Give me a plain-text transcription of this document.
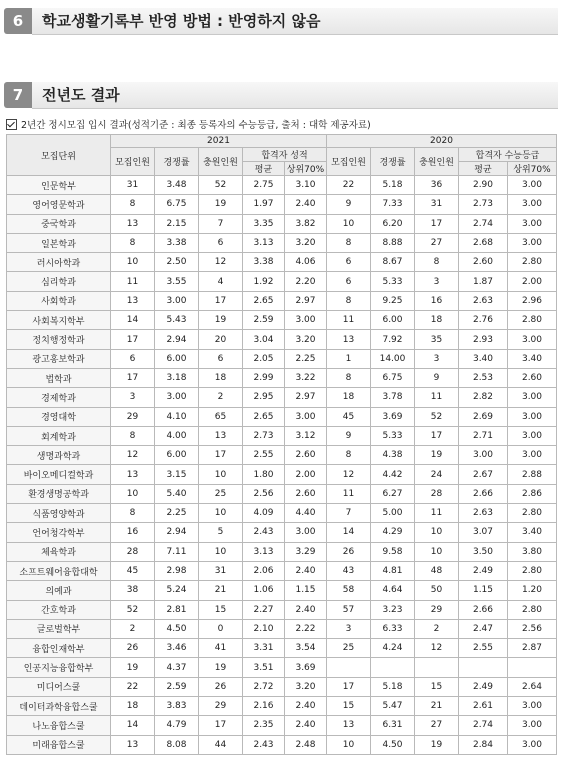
6	학교생활기록부 반영 방법 : 반영하지 않음
7	전년도 결과
2년간 정시모집 입시 결과(성적기준 : 최종 등록자의 수능등급, 출처 : 대학 제공자료)
모집단위	2021					2020				
	모집인원	경쟁률	충원인원	합격자 성적		모집인원	경쟁률	충원인원	합격자 수능등급	
				평균	상위70%				평균	상위70%
인문학부	31	3.48	52	2.75	3.10	22	5.18	36	2.90	3.00
영어영문학과	8	6.75	19	1.97	2.40	9	7.33	31	2.73	3.00
중국학과	13	2.15	7	3.35	3.82	10	6.20	17	2.74	3.00
일본학과	8	3.38	6	3.13	3.20	8	8.88	27	2.68	3.00
러시아학과	10	2.50	12	3.38	4.06	6	8.67	8	2.60	2.80
심리학과	11	3.55	4	1.92	2.20	6	5.33	3	1.87	2.00
사회학과	13	3.00	17	2.65	2.97	8	9.25	16	2.63	2.96
사회복지학부	14	5.43	19	2.59	3.00	11	6.00	18	2.76	2.80
정치행정학과	17	2.94	20	3.04	3.20	13	7.92	35	2.93	3.00
광고홍보학과	6	6.00	6	2.05	2.25	1	14.00	3	3.40	3.40
법학과	17	3.18	18	2.99	3.22	8	6.75	9	2.53	2.60
경제학과	3	3.00	2	2.95	2.97	18	3.78	11	2.82	3.00
경영대학	29	4.10	65	2.65	3.00	45	3.69	52	2.69	3.00
회계학과	8	4.00	13	2.73	3.12	9	5.33	17	2.71	3.00
생명과학과	12	6.00	17	2.55	2.60	8	4.38	19	3.00	3.00
바이오메디컬학과	13	3.15	10	1.80	2.00	12	4.42	24	2.67	2.88
환경생명공학과	10	5.40	25	2.56	2.60	11	6.27	28	2.66	2.86
식품영양학과	8	2.25	10	4.09	4.40	7	5.00	11	2.63	2.80
언어청각학부	16	2.94	5	2.43	3.00	14	4.29	10	3.07	3.40
체육학과	28	7.11	10	3.13	3.29	26	9.58	10	3.50	3.80
소프트웨어융합대학	45	2.98	31	2.06	2.40	43	4.81	48	2.49	2.80
의예과	38	5.24	21	1.06	1.15	58	4.64	50	1.15	1.20
간호학과	52	2.81	15	2.27	2.40	57	3.23	29	2.66	2.80
글로벌학부	2	4.50	0	2.10	2.22	3	6.33	2	2.47	2.56
융합인재학부	26	3.46	41	3.31	3.54	25	4.24	12	2.55	2.87
인공지능융합학부	19	4.37	19	3.51	3.69					
미디어스쿨	22	2.59	26	2.72	3.20	17	5.18	15	2.49	2.64
데이터과학융합스쿨	18	3.83	29	2.16	2.40	15	5.47	21	2.61	3.00
나노융합스쿨	14	4.79	17	2.35	2.40	13	6.31	27	2.74	3.00
미래융합스쿨	13	8.08	44	2.43	2.48	10	4.50	19	2.84	3.00
